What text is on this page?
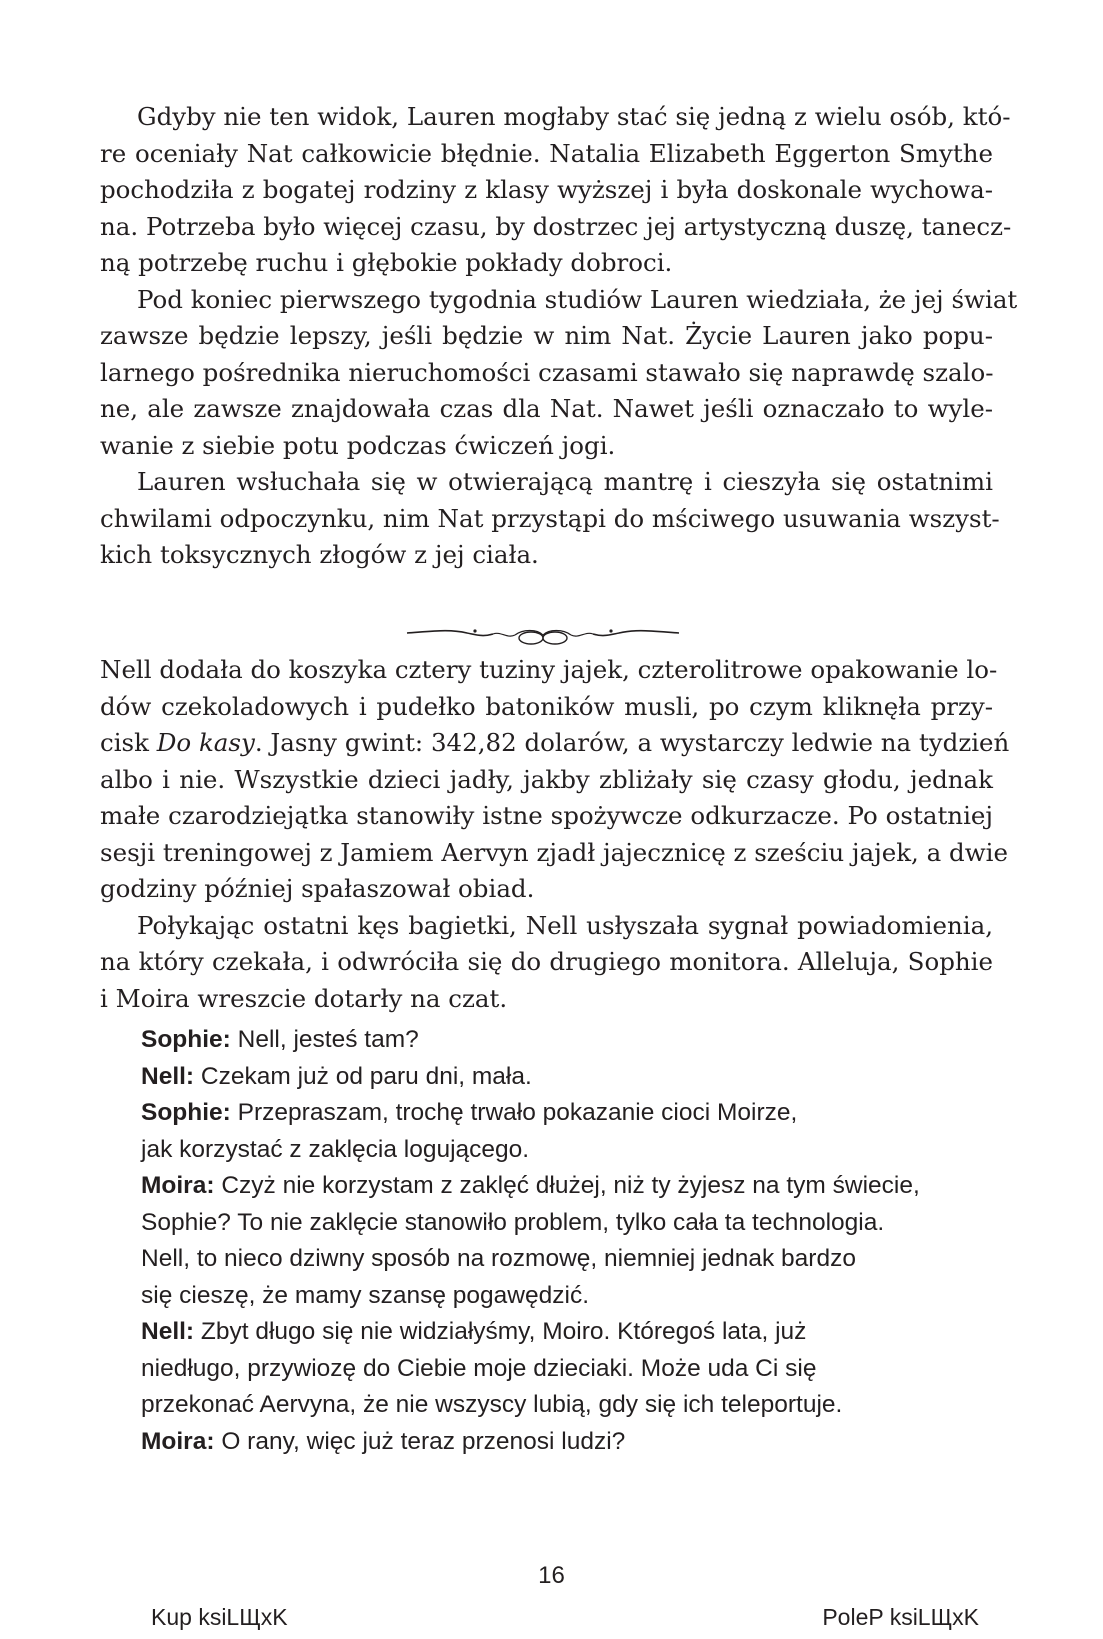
Gdyby nie ten widok, Lauren mogłaby stać się jedną z wielu osób, któ-
re oceniały Nat całkowicie błędnie. Natalia Elizabeth Eggerton Smythe
pochodziła z bogatej rodziny z klasy wyższej i była doskonale wychowa-
na. Potrzeba było więcej czasu, by dostrzec jej artystyczną duszę, tanecz-
ną potrzebę ruchu i głębokie pokłady dobroci.
Pod koniec pierwszego tygodnia studiów Lauren wiedziała, że jej świat
zawsze będzie lepszy, jeśli będzie w nim Nat. Życie Lauren jako popu-
larnego pośrednika nieruchomości czasami stawało się naprawdę szalo-
ne, ale zawsze znajdowała czas dla Nat. Nawet jeśli oznaczało to wyle-
wanie z siebie potu podczas ćwiczeń jogi.
Lauren wsłuchała się w otwierającą mantrę i cieszyła się ostatnimi
chwilami odpoczynku, nim Nat przystąpi do mściwego usuwania wszyst-
kich toksycznych złogów z jej ciała.
Nell dodała do koszyka cztery tuziny jajek, czterolitrowe opakowanie lo-
dów czekoladowych i pudełko batoników musli, po czym kliknęła przy-
cisk Do kasy. Jasny gwint: 342,82 dolarów, a wystarczy ledwie na tydzień
albo i nie. Wszystkie dzieci jadły, jakby zbliżały się czasy głodu, jednak
małe czarodziejątka stanowiły istne spożywcze odkurzacze. Po ostatniej
sesji treningowej z Jamiem Aervyn zjadł jajecznicę z sześciu jajek, a dwie
godziny później spałaszował obiad.
Połykając ostatni kęs bagietki, Nell usłyszała sygnał powiadomienia,
na który czekała, i odwróciła się do drugiego monitora. Alleluja, Sophie
i Moira wreszcie dotarły na czat.
Sophie: Nell, jesteś tam?
Nell: Czekam już od paru dni, mała.
Sophie: Przepraszam, trochę trwało pokazanie cioci Moirze,
jak korzystać z zaklęcia logującego.
Moira: Czyż nie korzystam z zaklęć dłużej, niż ty żyjesz na tym świecie,
Sophie? To nie zaklęcie stanowiło problem, tylko cała ta technologia.
Nell, to nieco dziwny sposób na rozmowę, niemniej jednak bardzo
się cieszę, że mamy szansę pogawędzić.
Nell: Zbyt długo się nie widziałyśmy, Moiro. Któregoś lata, już
niedługo, przywiozę do Ciebie moje dzieciaki. Może uda Ci się
przekonać Aervyna, że nie wszyscy lubią, gdy się ich teleportuje.
Moira: O rany, więc już teraz przenosi ludzi?
16
Kup ksiLЩxK	PoleP ksiLЩxK
